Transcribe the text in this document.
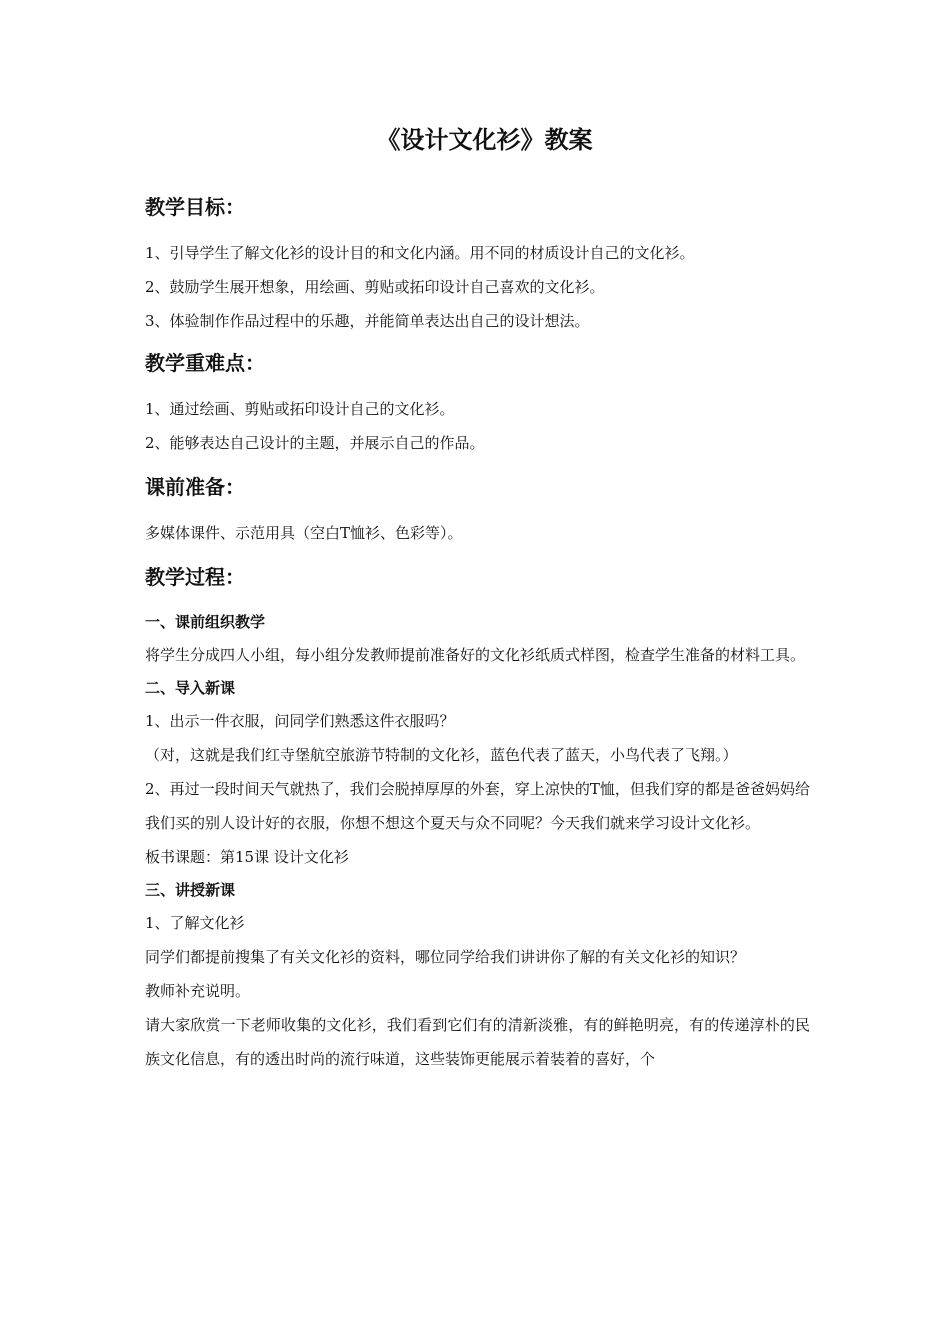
《设计文化衫》教案
教学目标：

1、引导学生了解文化衫的设计目的和文化内涵。用不同的材质设计自己的文化衫。

2、鼓励学生展开想象，用绘画、剪贴或拓印设计自己喜欢的文化衫。

3、体验制作作品过程中的乐趣，并能简单表达出自己的设计想法。

教学重难点：

1、通过绘画、剪贴或拓印设计自己的文化衫。

2、能够表达自己设计的主题，并展示自己的作品。

课前准备：

多媒体课件、示范用具（空白T恤衫、色彩等）。

教学过程：
一、课前组织教学

将学生分成四人小组，每小组分发教师提前准备好的文化衫纸质式样图，检查学生准备的材料工具。

二、导入新课

1、出示一件衣服，问同学们熟悉这件衣服吗？

（对，这就是我们红寺堡航空旅游节特制的文化衫，蓝色代表了蓝天，小鸟代表了飞翔。）

2、再过一段时间天气就热了，我们会脱掉厚厚的外套，穿上凉快的T恤，但我们穿的都是爸爸妈妈给我们买的别人设计好的衣服，你想不想这个夏天与众不同呢？今天我们就来学习设计文化衫。

板书课题：第15课 设计文化衫

三、讲授新课

1、了解文化衫

同学们都提前搜集了有关文化衫的资料，哪位同学给我们讲讲你了解的有关文化衫的知识？

教师补充说明。

请大家欣赏一下老师收集的文化衫，我们看到它们有的清新淡雅，有的鲜艳明亮，有的传递淳朴的民族文化信息，有的透出时尚的流行味道，这些装饰更能展示着装着的喜好，个
